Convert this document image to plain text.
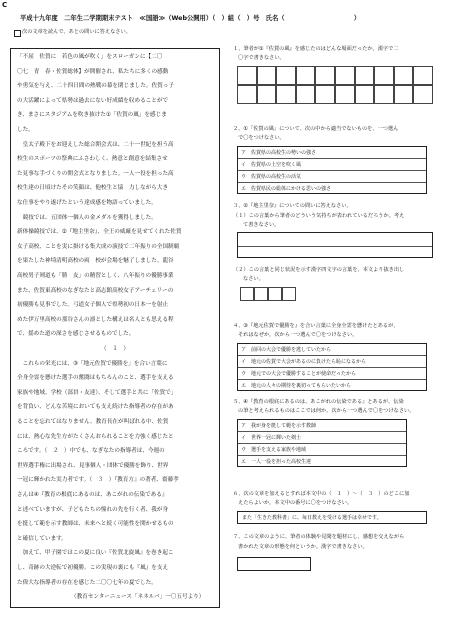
C
平成十九年度　二年生二学期期末テスト　≪国語≫（Web公開用）（　）組（　）号　氏名（　　　　　　　　　　　）
次の文章を読んで、あとの問いに答えなさい。
「不屈　佐賀に　若色の風が吹く」をスローガンに【二〇
〇七　青　春・佐賀総体】が開催され、私たちに多くの感動
や勇気を与え、二十四日間の熱戦の幕を閉じました。佐賀っ子
の大活躍によって県勢は過去にない好成績を収めることがで
き、まさにスタジアムを吹き抜けた①「佐賀の風」を感じま
した。
　皇太子殿下をお迎えした総合開会式は、二十一世紀を担う高
校生のスポーツの祭典にふさわしく、熱意と創意を結集させ
た見事な手づくりの開会式となりました。一人一役を担った高
校生達の日頃けたその笑顔は、他校生と協　力しながら大き
な仕事をやり遂げたという達成感を物語っていました。
　競技では、五団体一個人の金メダルを獲得しました。
新体操競技では、②『地主里奈』、全王の威厳を見せてくれた佐賀
女子高校、ことを実に掛ける集大成の演技で二年振りの全国制覇
を果たした神埼清明高校の両　校が会場を魅了しました。龍谷
高校男子剣道も「勝　友」の精習としく、八年振りの優勝事業
また、佐賀東高校のなぎなたと高志館高校女子アーチェリーの
初優勝も見事でした。弓道女子個人で県勢初の日本一を射止
めた伊万里高校の那谷さんの凛とした構えは名人とも思える程
で、揺めた道の深さを感じさせるものでした。
（　１　）
　これらの栄光には、③「地元佐賀で優勝を」を合い言葉に
全身全霊を懸けた選手の奮闘はもちろんのこと、選手を支える
家族や地域、学校（部員・友達）、そして選手と共に「佐賀で」
を背負い、どんな苦境においても支え続けた指導者の存在があ
ることを忘れてはなりません。教育長在が叫ばれる中、佐賀
には、熱心な先生方がたくさんおられることを力強く感じたと
ころです。（　２　）中でも、なぎなたの指導者は、今週の
世界選手権に出場され、見事個人・団体で優勝を飾り、世界
一冠に輝かれた実力者です。（　３　）『教育方』の著者、齋藤孝
さんは④『教育の根底にあるのは、あこがれの伝染である』
と述べていますが、子どもたちの憧れの先を行く者、我が身
を挺して範を示す教師は、未来へと続く可能性を開かせるもの
と確信しています。
　加えて、甲子園ではこの夏に良い『佐賀北旋風』を巻き起こ
し、奇跡の大逆転で初優勝。この実現の裏にも『風』を支え
た偉大な指導者の存在を感じた二〇〇七年の夏でした。
（教育センターニュース「ネネルバ」一〇五号より）
１、筆者が①『佐賀の風』を感じたのはどんな場面だったか。漢字で二
〇字で書きなさい。
２、①「佐賀の風」について、次の中から適当でないものを、一つ選ん
で〇をつけなさい。
ア　佐賀県の高校生の勢いの強さ
イ　佐賀県の上空を吹く風
ウ　佐賀県の高校生の活気
エ　佐賀県民の総体にかける思いの強さ
３、②『地主里奈』についての問いに答えなさい。
（１）この言葉から筆者のどういう気持ちが表われているだろうか。考え
て書きなさい。
（２）この言葉と同じ状況を示す漢字四文字の言葉を、本文より抜き出し
なさい。
４、③『地元佐賀で優勝を』を合い言葉に全身全霊を懸けたとあるが、
それはなぜか。次から一つ選んで〇をつけなさい。
ア　前回の大会で優勝を逃していたから
イ　地元の佐賀で大会があるのに負けたら恥になるから
ウ　地元での大会で優勝することが使命だったから
エ　地元の人々の期待を裏切ってもらいたいから
５、④『教育の根底にあるのは、あこがれの伝染である』とあるが、伝染
の筆と考えられるものはここでは何か。次から一つ選んで〇をつけなさい。
ア　我が身を挺して範を示す教師
イ　世界一冠に輝いた剣士
ウ　選手を支える家族や地域
エ　一人一役を担った高校生達
６、次の文章を加えるとすれば本文中の（　１　）～（　３　）のどこに加
えたらよいか。本文中の番号に〇をつけなさい。
また「生きた教科書」に、毎日教えを受ける選手は幸せです。
７、この文章のように、筆者の体験や見聞を題材にし、感想を交えながら
書かれた文章の形態を何というか。漢字で書きなさい。
